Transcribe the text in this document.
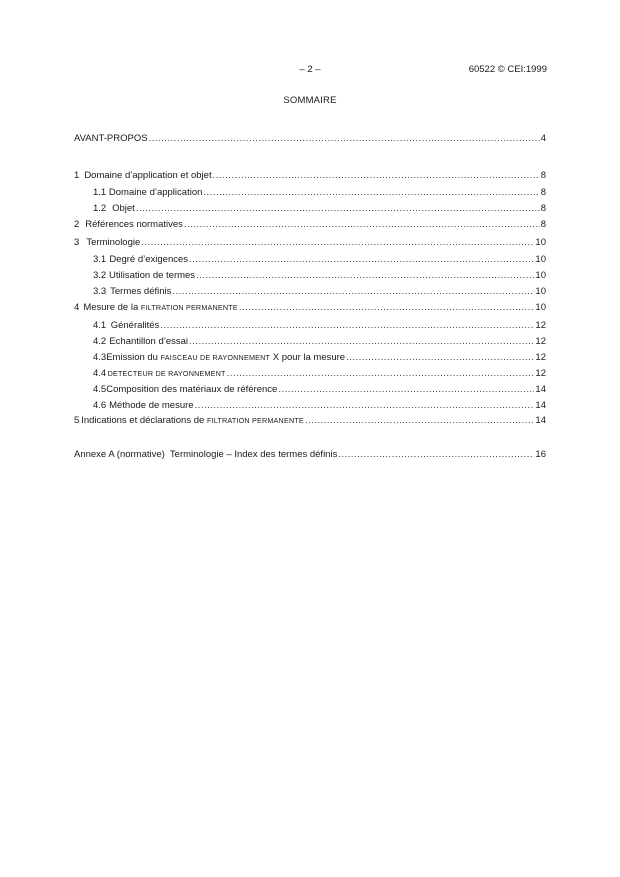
– 2 –	60522 © CEI:1999
SOMMAIRE
AVANT-PROPOS .....	4
1 Domaine d’application et objet .....	8
1.1 Domaine d’application .....	8
1.2 Objet .....	8
2 Références normatives .....	8
3 Terminologie .....	10
3.1 Degré d’exigences .....	10
3.2 Utilisation de termes .....	10
3.3 Termes définis .....	10
4 Mesure de la FILTRATION PERMANENTE .....	10
4.1 Généralités .....	12
4.2 Echantillon d’essai .....	12
4.3 Emission du FAISCEAU DE RAYONNEMENT X pour la mesure .....	12
4.4 DETECTEUR DE RAYONNEMENT .....	12
4.5 Composition des matériaux de référence .....	14
4.6 Méthode de mesure .....	14
5 Indications et déclarations de FILTRATION PERMANENTE .....	14
Annexe A (normative)  Terminologie – Index des termes définis .....	16
